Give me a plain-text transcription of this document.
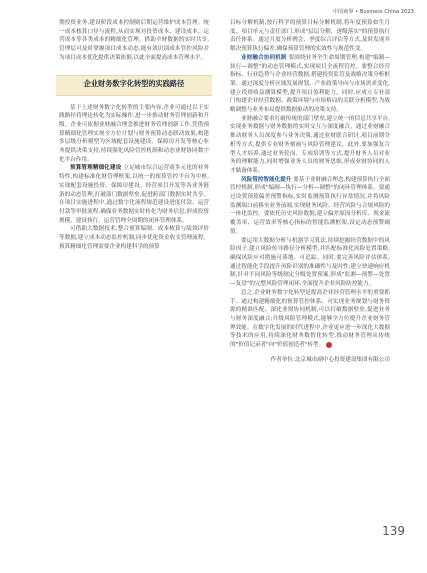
中国商界 • Business China 2023

期投资业务,建设阶段成本控制则后期运营维护成本管理。统一成本核算口径与流程,从而实现对投资成本、建设成本、运营成本等各类成本的精细化管理。借助全财数据的实时共享,管理层可及时掌握项目成本动态,能有效识别成本管控风险并为项目成本优化提供决策依据,以此全面提高成本管理水平。

企业财务数字化转型的实践路径

基于上述财务数字化转型的主要内容,企业可通过以下实践路径将理论转化为实际操作,进一步推动财务管理创新和升级。企业可依据业财融合理念推进财务管理创新工作,凭借预算精细化管理实现全方位计划与财务预算动态联动效果,构建多层级分析模型为区域配套设施建设、保障房开发等核心业务提供决策支持,持续强化风险管控机制和动态业财协同数字化平台作用。

预算管理精细化建设 立足城市综合运营商多元化的业务特性,构建标准化财管理框架,以统一的预算管控平台为中枢,实现配套设施投资、保障房建设、经营项目开发等各业务链条的动态管理,打破部门数据壁垒,促进跨部门数据实时共享。在项目实施进程中,通过数字化流程规范建设进度付款、运营付款等审批流程,确保业务数据实时转化为财务信息,形成投资规模、建设执行、运营管理全周期的闭环管理体系。

可借助大数据技术,整合预算编制、成本核算与绩效评价等数据,建立成本动态监控机制,同步优化资金收支管理流程。预算精细化管理需要企业构建科学的预算

目标分解机制,按行科学的预算目标分解机制,将年度预算如生月度、项目单元与责任部门,形成"层层分解、逐级落实"的预算执行责任体系。通过月度分析例会、季度综合评估等方式,及时发现并解决预算执行偏差,确保预算管理的实效性与规范性变。

业财融合协同机制 要围绕业务全生命周期管理,构建"编制—执行—调整"的动态管理模式,实现项目全流程管控。要整合经营指标、行业趋势与企业经营数据,搭建投资监管及战略决策分析框架。通过深度分析区域发展规划、产业政策导向与市场需求变化,建立投资收益测算模型,提升项目盈利能力。同时,应成立专业部门构建企业经营数据、政策环境与市场格局的关联分析模型,为战略调整与业务布局提供数据驱动的决策支持。

业财融合要求打破传统的部门壁垒,建立统一的信息共享平台,实现业务数据与财务数据的实时交互与深度融合。通过业财融合推动财务人员深度参与业务决策,通过业财联合研讨,项目前期分析等方式,提供专业财务刻画与风险管理建议。此外,要加强复合型人才培养,通过业务轮岗、专项培训等方式,提升财务人员对业务的理解能力,同时增强业务人员的财务思维,形成业财协同的人才储备体系。

风险管控智能化提升 要基于业财融合理念,构建预算执行全面管控机制,形成"编制—执行—分析—调整"的闭环管理体系。要通过设置预算偏差预警指标,实时监测预算执行异常情况,并将风险监测端口前移至业务前端,实现财务风险、经营风险与合规风险的一体化监控。要依托历史风险数据,建立偏差原因分析库、现金流覆盖率、运营效率等核心指标的智能监测框架,设定动态预警阈值。

要运用大数据分析与机器学习算法,持续挖掘经营数据中的风险因子,建立风险传导路径分析模型,并匹配标准化风险处置策略,确保风险应对措施可落地、可追踪。同时,要完善风险评估体系,通过智能化手段提升风险识别的准确性与及时性;建立快速响应机制,针对不同风险等级制定分级处置预案,形成"监测—预警—处置—复盘"的完整风险管理闭环,全面提升企业风险防控能力。

总之,企业财务数字化转型是提高企业经营管理水平的重要抓手。通过构建精细化的预算管控体系、可实现业务规划与财务资源的精准匹配。深化业财协同机制,可以打破数据壁垒,促进业务与财务深度融合;升级风险管理模式,能够全方位提升企业财务管理效能。在数字化发展的时代进程中,企业更应进一步深化大数据等技术的应用,持续深化财务数智化转型,推动财务管理从传统的"价值记录者"向"价值创造者"转型。

作者单位:北京城市副中心投资建设集团有限公司
139
